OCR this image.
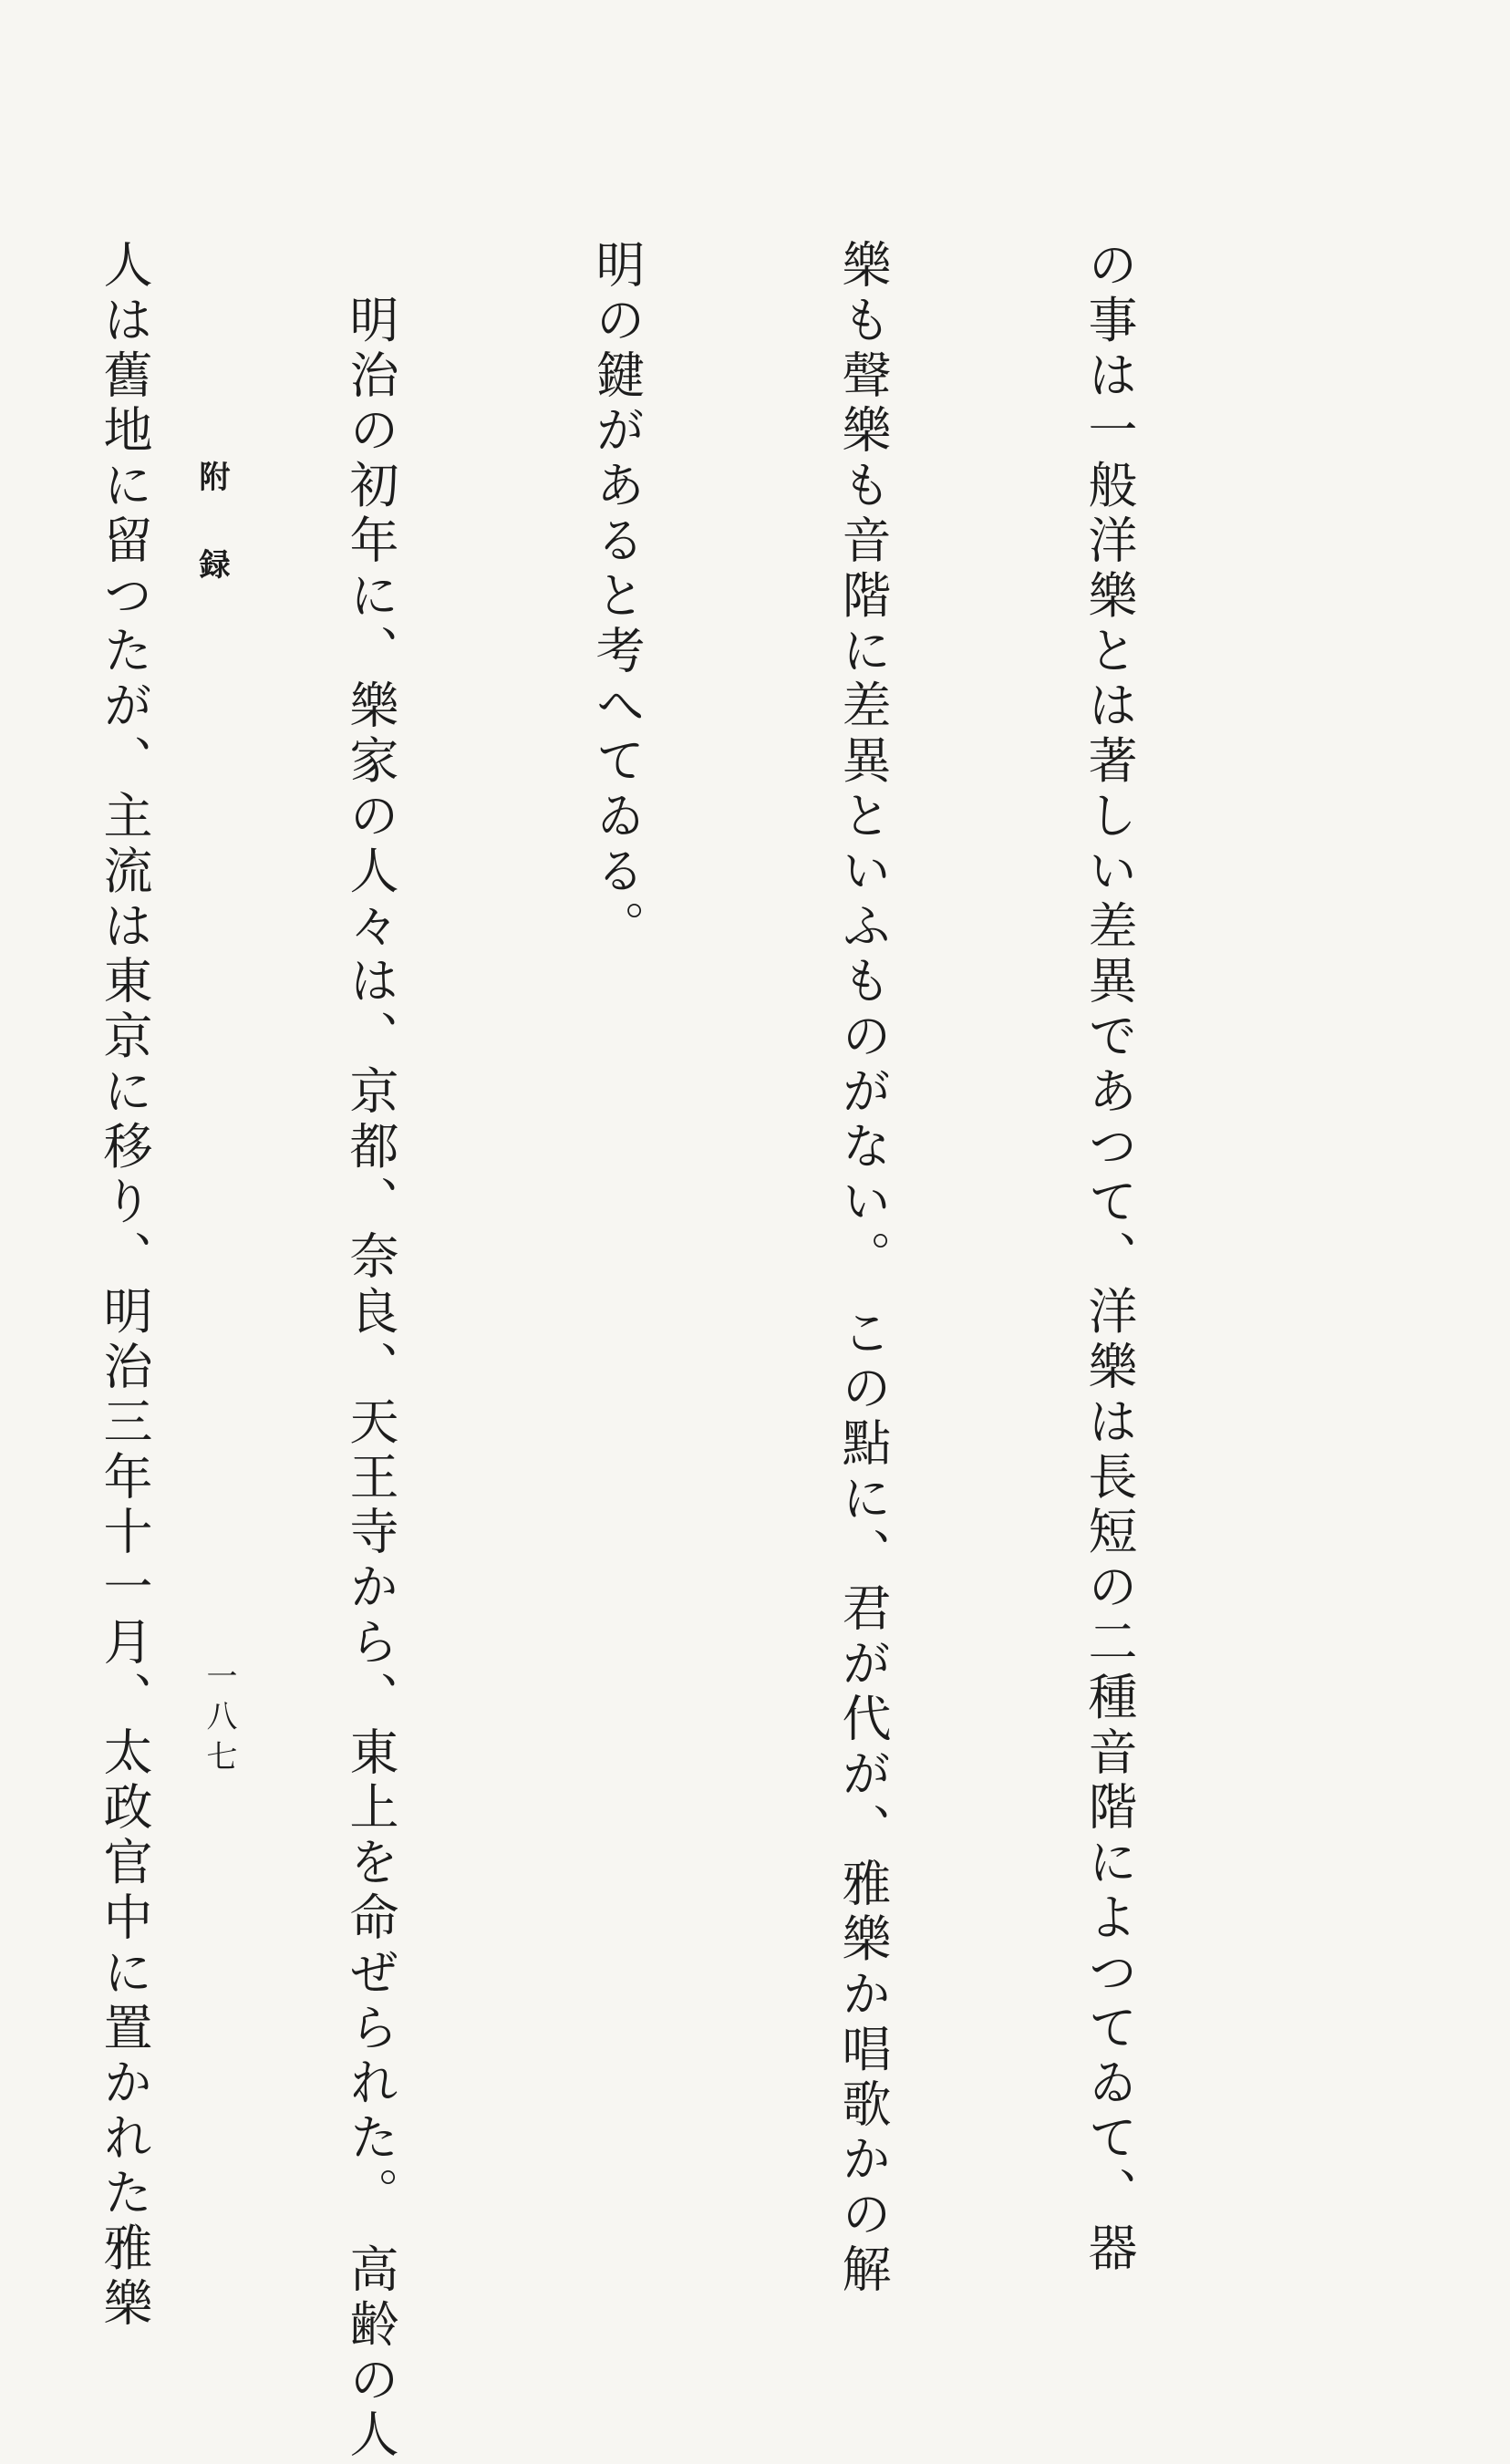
の事は一般洋樂とは著しい差異であつて、洋樂は長短の二種音階によつてゐて、器

樂も聲樂も音階に差異といふものがない。 この點に、君が代が、雅樂か唱歌かの解

明の鍵があると考へてゐる。

　明治の初年に、樂家の人々は、京都、奈良、天王寺から、東上を命ぜられた。 高齢の人

人は舊地に留つたが、主流は東京に移り、明治三年十一月、太政官中に置かれた雅樂

	附録
一八七
